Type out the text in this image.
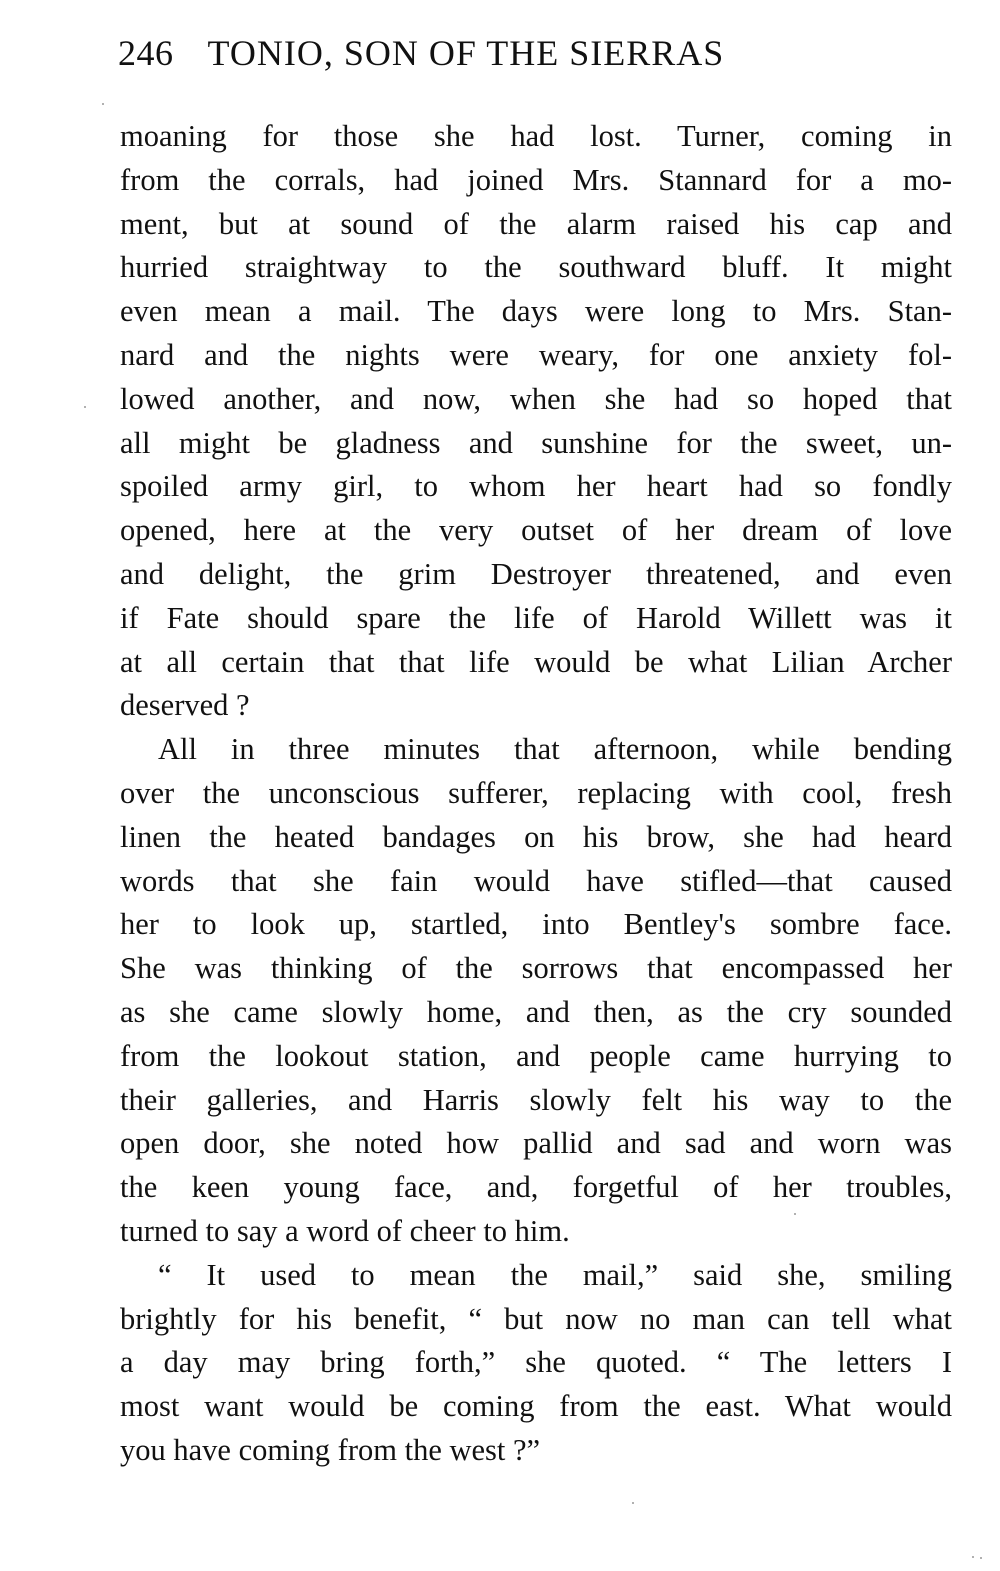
246 TONIO, SON OF THE SIERRAS
moaning for those she had lost. Turner, coming in
from the corrals, had joined Mrs. Stannard for a mo-
ment, but at sound of the alarm raised his cap and
hurried straightway to the southward bluff. It might
even mean a mail. The days were long to Mrs. Stan-
nard and the nights were weary, for one anxiety fol-
lowed another, and now, when she had so hoped that
all might be gladness and sunshine for the sweet, un-
spoiled army girl, to whom her heart had so fondly
opened, here at the very outset of her dream of love
and delight, the grim Destroyer threatened, and even
if Fate should spare the life of Harold Willett was it
at all certain that that life would be what Lilian Archer
deserved ?
All in three minutes that afternoon, while bending
over the unconscious sufferer, replacing with cool, fresh
linen the heated bandages on his brow, she had heard
words that she fain would have stifled—that caused
her to look up, startled, into Bentley's sombre face.
She was thinking of the sorrows that encompassed her
as she came slowly home, and then, as the cry sounded
from the lookout station, and people came hurrying to
their galleries, and Harris slowly felt his way to the
open door, she noted how pallid and sad and worn was
the keen young face, and, forgetful of her troubles,
turned to say a word of cheer to him.
“ It used to mean the mail,” said she, smiling
brightly for his benefit, “ but now no man can tell what
a day may bring forth,” she quoted. “ The letters I
most want would be coming from the east. What would
you have coming from the west ?”
